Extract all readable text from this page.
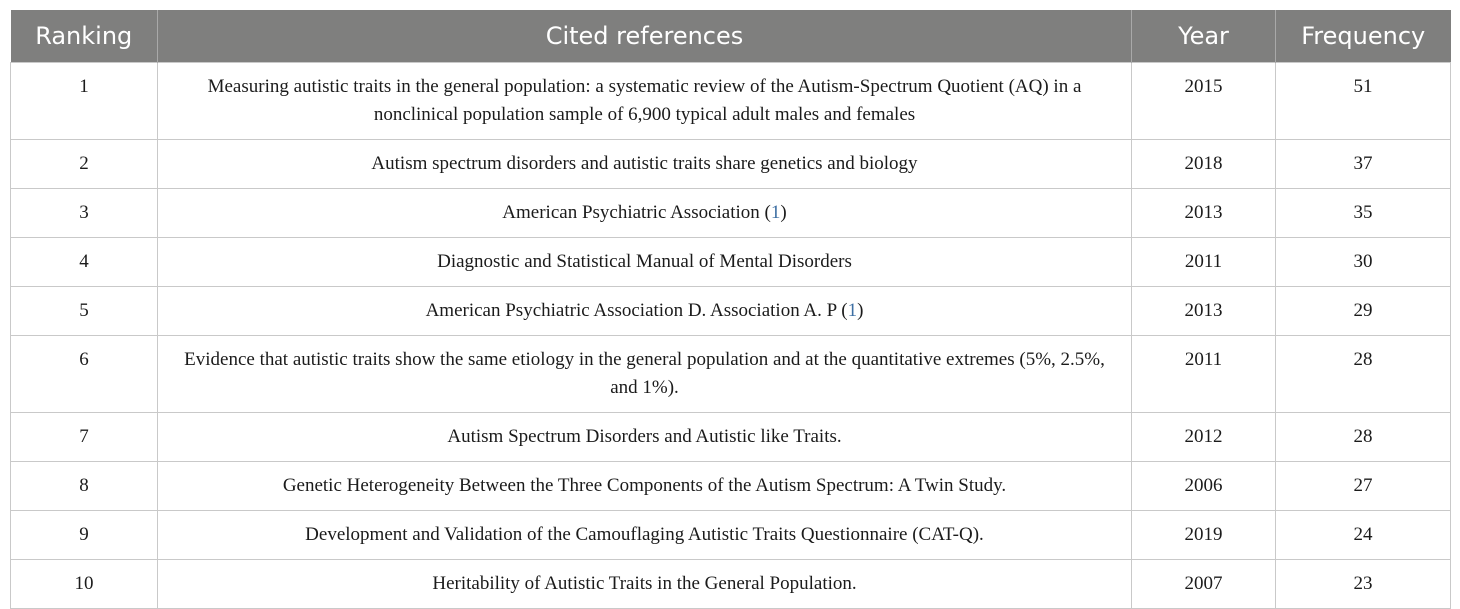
Ranking	Cited references	Year	Frequency
1	Measuring autistic traits in the general population: a systematic review of the Autism-Spectrum Quotient (AQ) in a nonclinical population sample of 6,900 typical adult males and females	2015	51
2	Autism spectrum disorders and autistic traits share genetics and biology	2018	37
3	American Psychiatric Association (1)	2013	35
4	Diagnostic and Statistical Manual of Mental Disorders	2011	30
5	American Psychiatric Association D. Association A. P (1)	2013	29
6	Evidence that autistic traits show the same etiology in the general population and at the quantitative extremes (5%, 2.5%, and 1%).	2011	28
7	Autism Spectrum Disorders and Autistic like Traits.	2012	28
8	Genetic Heterogeneity Between the Three Components of the Autism Spectrum: A Twin Study.	2006	27
9	Development and Validation of the Camouflaging Autistic Traits Questionnaire (CAT-Q).	2019	24
10	Heritability of Autistic Traits in the General Population.	2007	23
